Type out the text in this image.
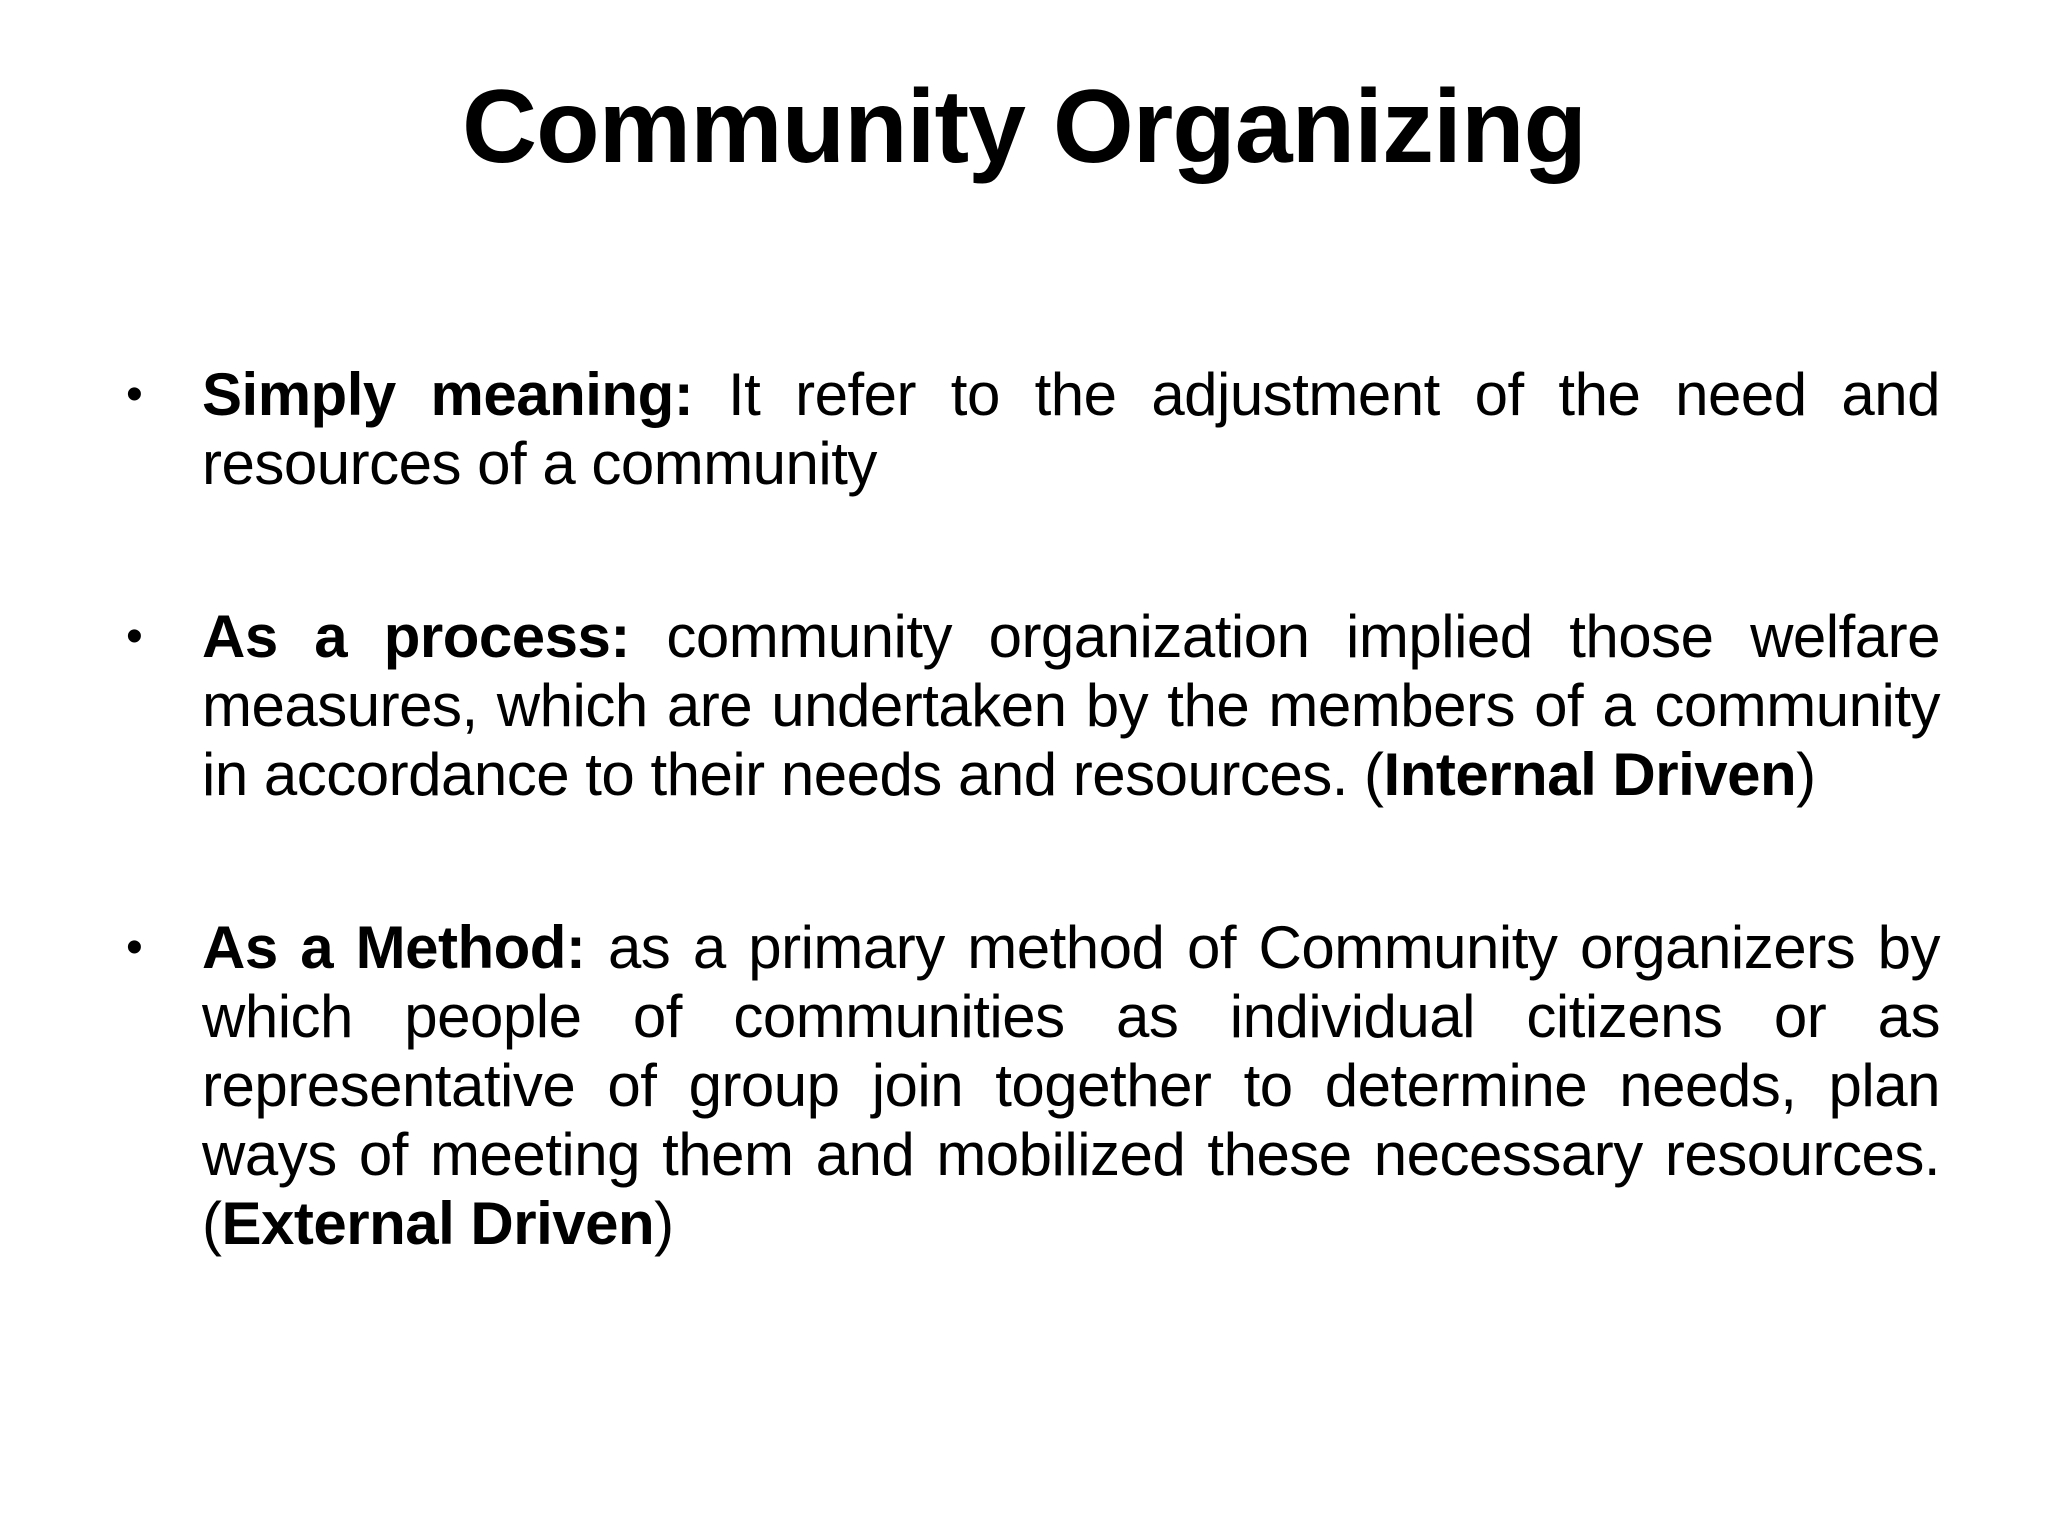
Community Organizing
• Simply meaning: It refer to the adjustment of the need and resources of a community
• As a process: community organization implied those welfare measures, which are undertaken by the members of a community in accordance to their needs and resources. (Internal Driven)
• As a Method: as a primary method of Community organizers by which people of communities as individual citizens or as representative of group join together to determine needs, plan ways of meeting them and mobilized these necessary resources. (External Driven)
